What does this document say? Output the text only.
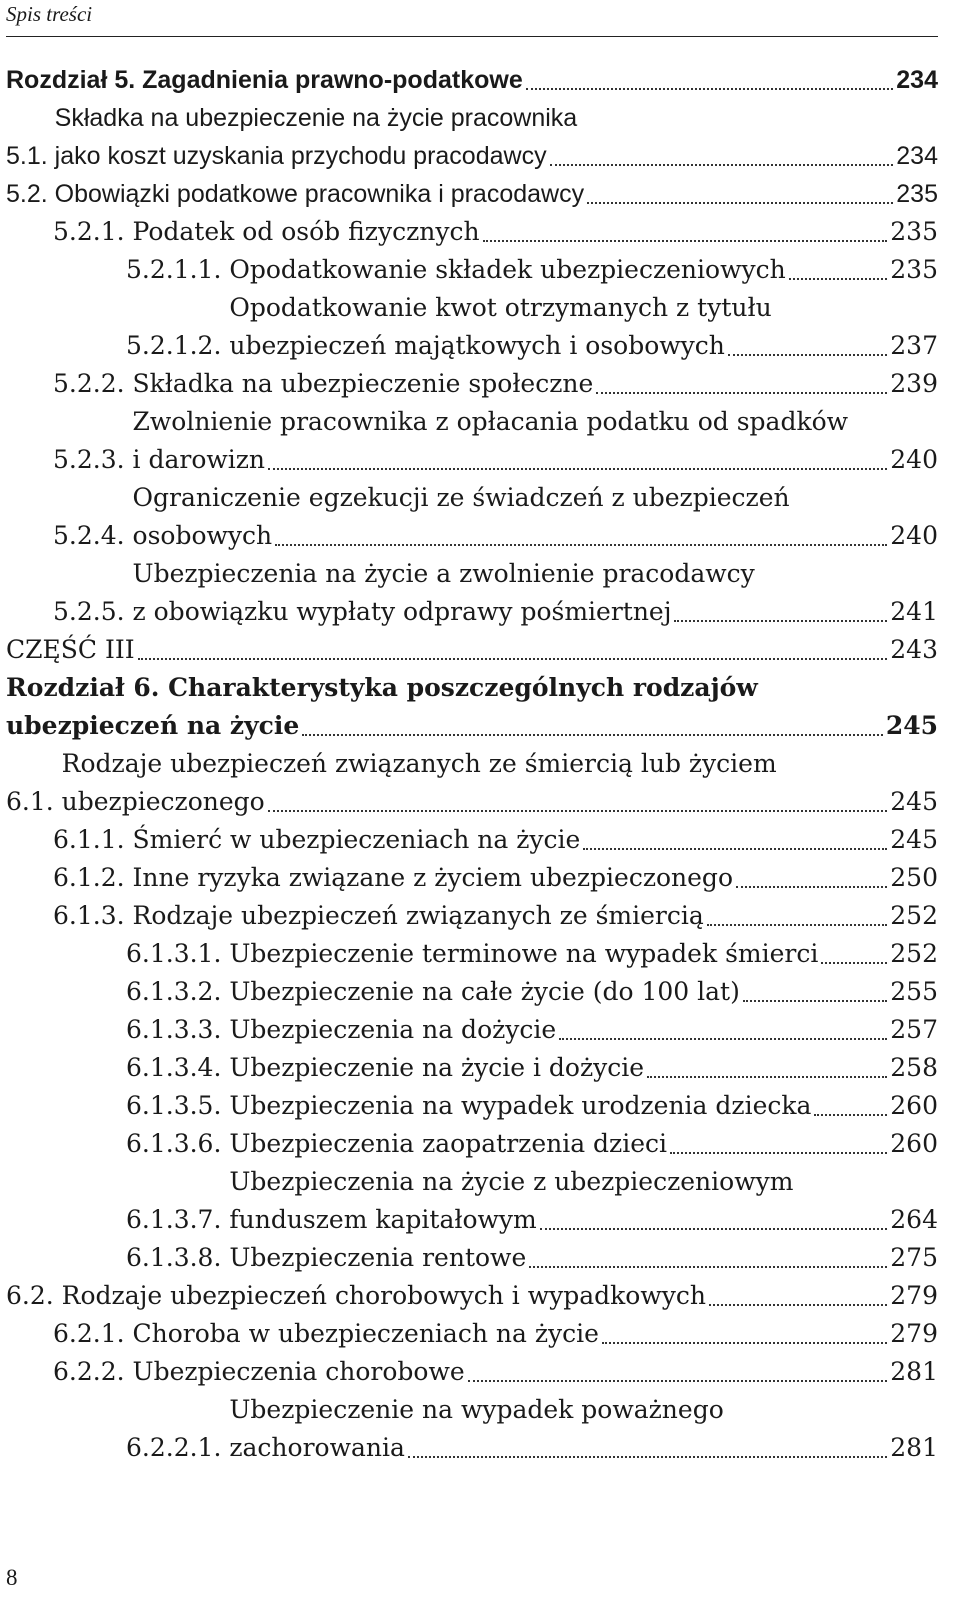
Spis treści
Rozdział 5. Zagadnienia prawno-podatkowe	234
5.1.
Składka na ubezpieczenie na życie pracownika
jako koszt uzyskania przychodu pracodawcy	234
5.2. Obowiązki podatkowe pracownika i pracodawcy	235
5.2.1. Podatek od osób fizycznych	235
5.2.1.1. Opodatkowanie składek ubezpieczeniowych	235
5.2.1.2.
Opodatkowanie kwot otrzymanych z tytułu
ubezpieczeń majątkowych i osobowych	237
5.2.2. Składka na ubezpieczenie społeczne	239
5.2.3.
Zwolnienie pracownika z opłacania podatku od spadków
i darowizn	240
5.2.4.
Ograniczenie egzekucji ze świadczeń z ubezpieczeń
osobowych	240
5.2.5.
Ubezpieczenia na życie a zwolnienie pracodawcy
z obowiązku wypłaty odprawy pośmiertnej	241
CZĘŚĆ III	243
Rozdział 6. Charakterystyka poszczególnych rodzajów
ubezpieczeń na życie	245
6.1.
Rodzaje ubezpieczeń związanych ze śmiercią lub życiem
ubezpieczonego	245
6.1.1. Śmierć w ubezpieczeniach na życie	245
6.1.2. Inne ryzyka związane z życiem ubezpieczonego	250
6.1.3. Rodzaje ubezpieczeń związanych ze śmiercią	252
6.1.3.1. Ubezpieczenie terminowe na wypadek śmierci	252
6.1.3.2. Ubezpieczenie na całe życie (do 100 lat)	255
6.1.3.3. Ubezpieczenia na dożycie	257
6.1.3.4. Ubezpieczenie na życie i dożycie	258
6.1.3.5. Ubezpieczenia na wypadek urodzenia dziecka	260
6.1.3.6. Ubezpieczenia zaopatrzenia dzieci	260
6.1.3.7.
Ubezpieczenia na życie z ubezpieczeniowym
funduszem kapitałowym	264
6.1.3.8. Ubezpieczenia rentowe	275
6.2. Rodzaje ubezpieczeń chorobowych i wypadkowych	279
6.2.1. Choroba w ubezpieczeniach na życie	279
6.2.2. Ubezpieczenia chorobowe	281
6.2.2.1.
Ubezpieczenie na wypadek poważnego
zachorowania	281
8
